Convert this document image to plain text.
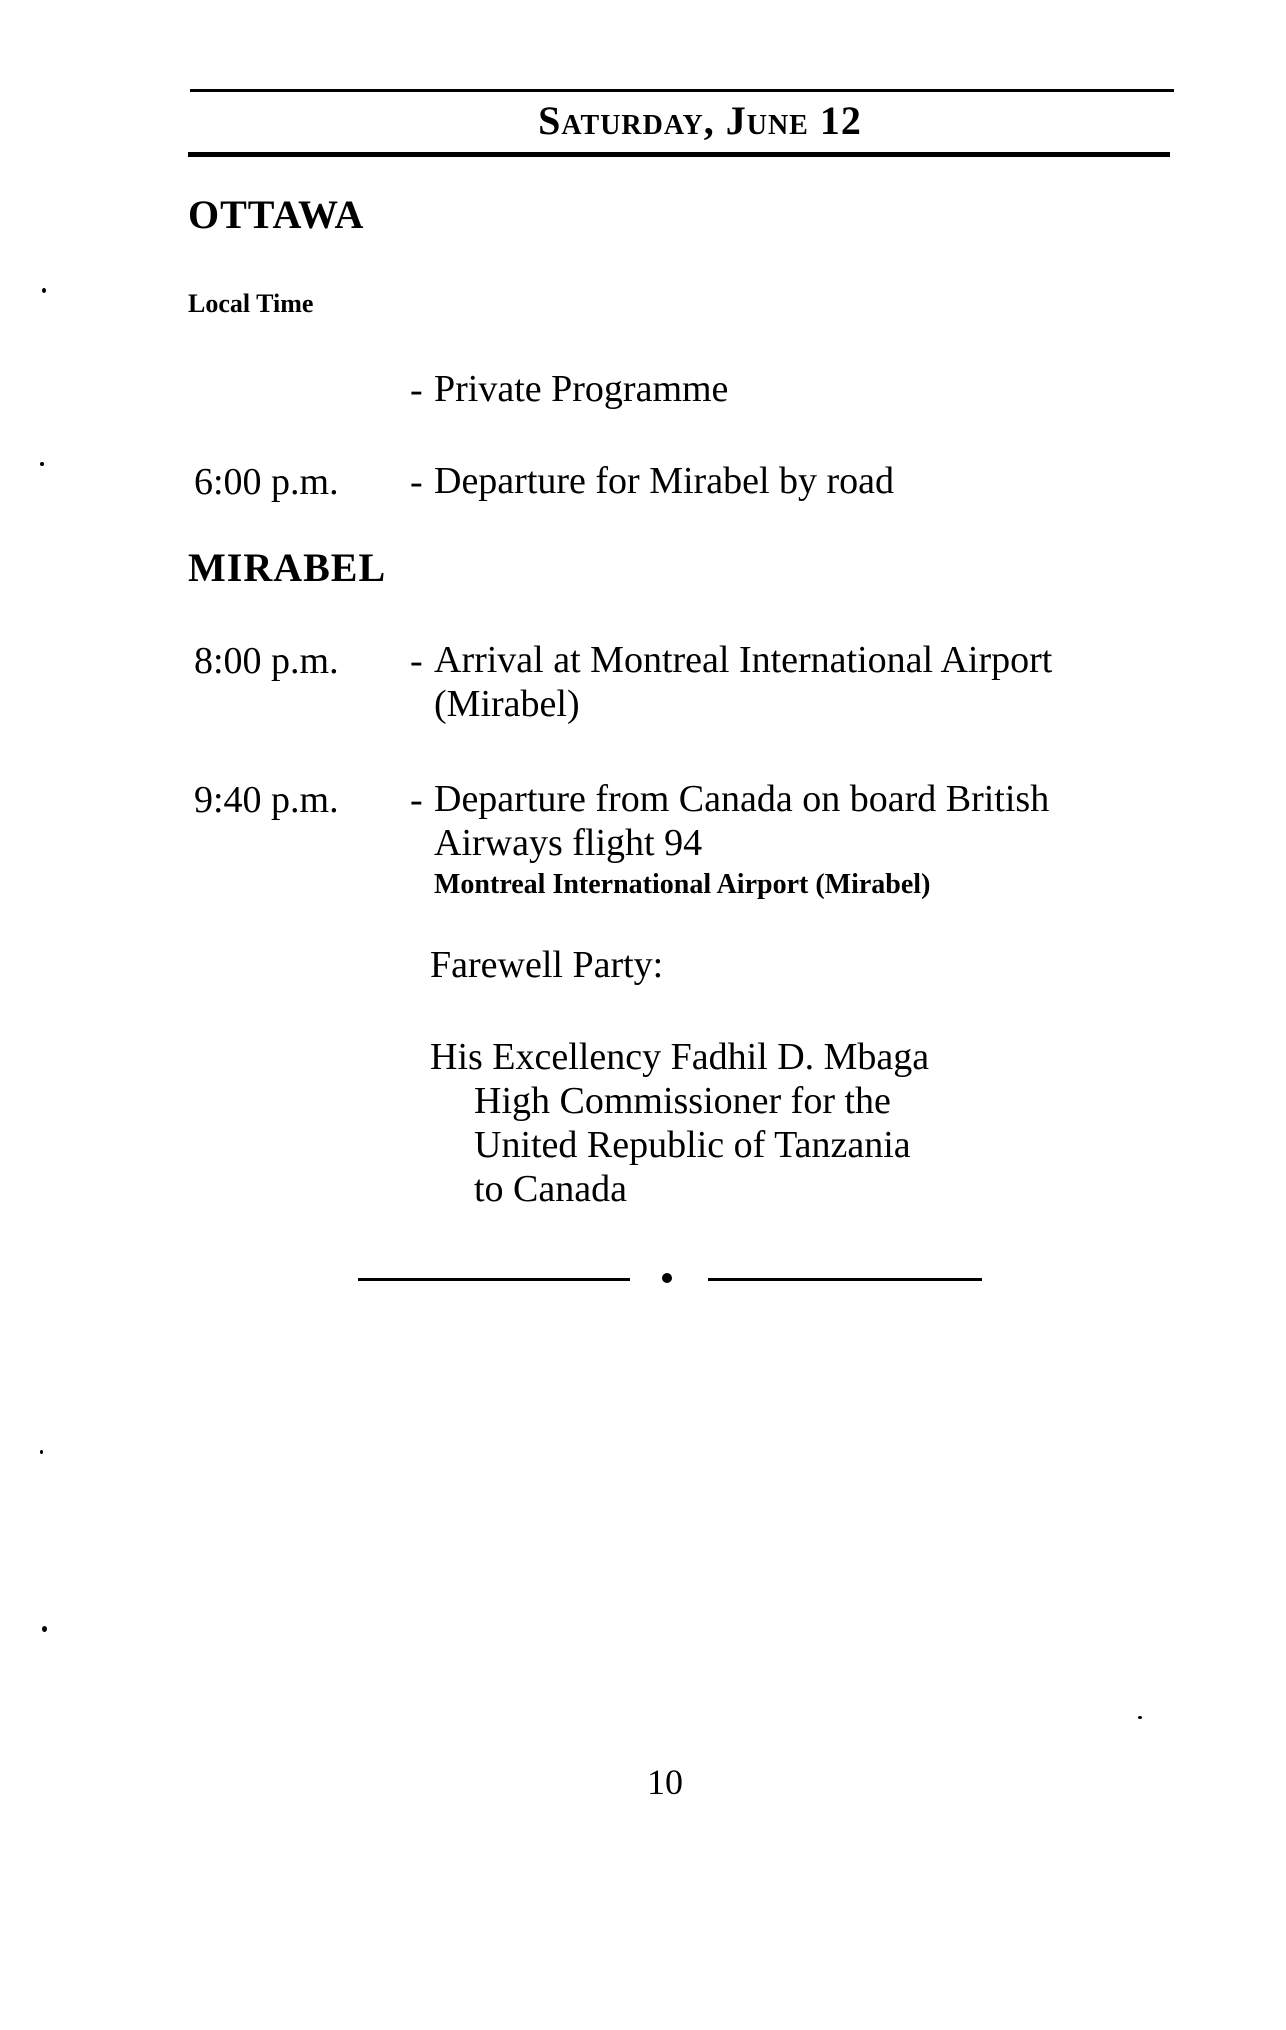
Saturday, June 12
OTTAWA
Local Time
- Private Programme
6:00 p.m. - Departure for Mirabel by road
MIRABEL
8:00 p.m. - Arrival at Montreal International Airport
(Mirabel)
9:40 p.m. - Departure from Canada on board British
Airways flight 94
Montreal International Airport (Mirabel)
Farewell Party:
His Excellency Fadhil D. Mbaga
High Commissioner for the
United Republic of Tanzania
to Canada
10
